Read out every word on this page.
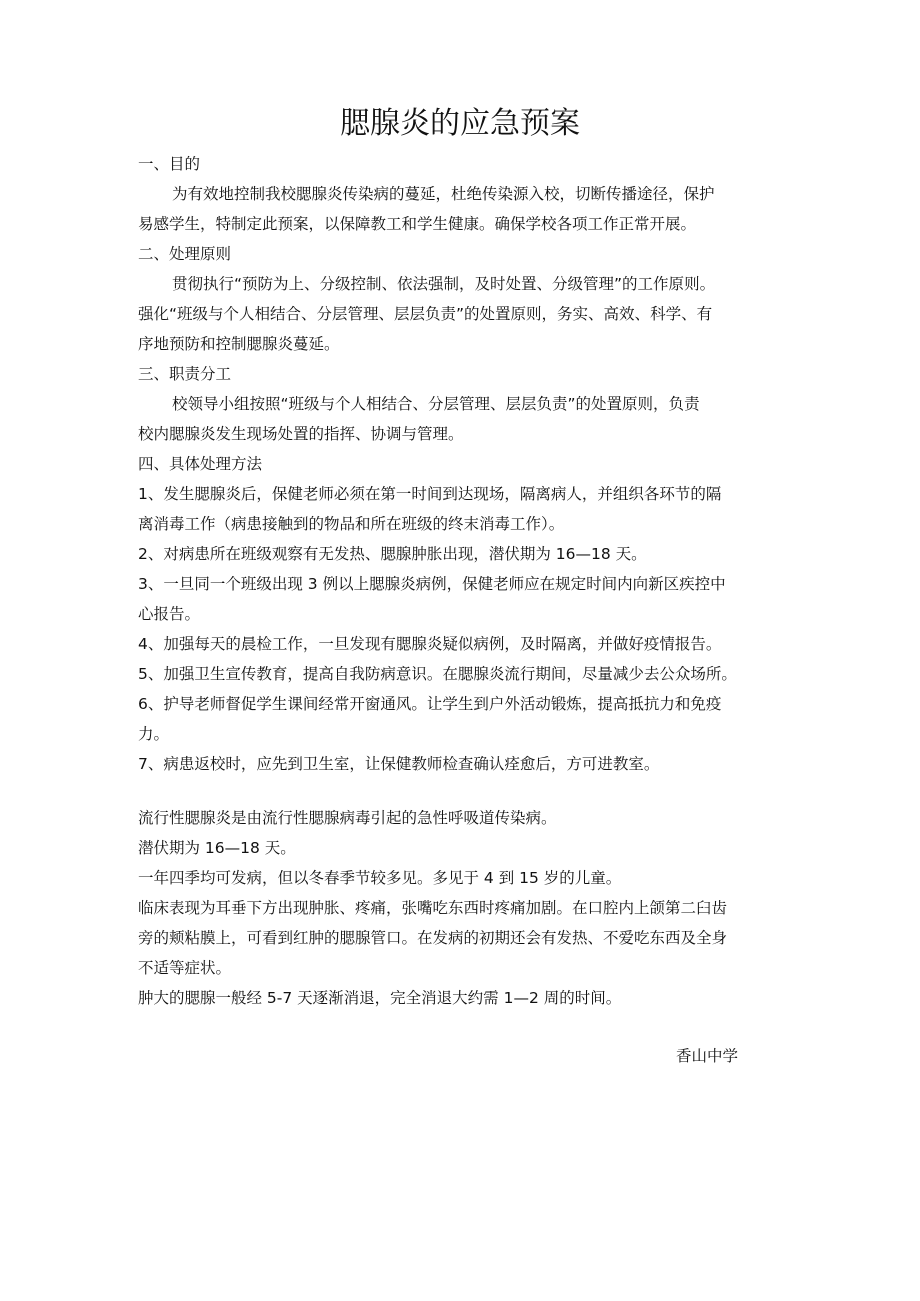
腮腺炎的应急预案
一、目的
为有效地控制我校腮腺炎传染病的蔓延，杜绝传染源入校，切断传播途径，保护
易感学生，特制定此预案，以保障教工和学生健康。确保学校各项工作正常开展。
二、处理原则
贯彻执行“预防为上、分级控制、依法强制，及时处置、分级管理”的工作原则。
强化“班级与个人相结合、分层管理、层层负责”的处置原则，务实、高效、科学、有
序地预防和控制腮腺炎蔓延。
三、职责分工
校领导小组按照“班级与个人相结合、分层管理、层层负责”的处置原则，负责
校内腮腺炎发生现场处置的指挥、协调与管理。
四、具体处理方法
1、发生腮腺炎后，保健老师必须在第一时间到达现场，隔离病人，并组织各环节的隔
离消毒工作（病患接触到的物品和所在班级的终末消毒工作）。
2、对病患所在班级观察有无发热、腮腺肿胀出现，潜伏期为 16—18 天。
3、一旦同一个班级出现 3 例以上腮腺炎病例，保健老师应在规定时间内向新区疾控中
心报告。
4、加强每天的晨检工作，一旦发现有腮腺炎疑似病例，及时隔离，并做好疫情报告。
5、加强卫生宣传教育，提高自我防病意识。在腮腺炎流行期间，尽量减少去公众场所。
6、护导老师督促学生课间经常开窗通风。让学生到户外活动锻炼，提高抵抗力和免疫
力。
7、病患返校时，应先到卫生室，让保健教师检查确认痊愈后，方可进教室。
流行性腮腺炎是由流行性腮腺病毒引起的急性呼吸道传染病。
潜伏期为 16—18 天。
一年四季均可发病，但以冬春季节较多见。多见于 4 到 15 岁的儿童。
临床表现为耳垂下方出现肿胀、疼痛，张嘴吃东西时疼痛加剧。在口腔内上颌第二臼齿
旁的颊粘膜上，可看到红肿的腮腺管口。在发病的初期还会有发热、不爱吃东西及全身
不适等症状。
肿大的腮腺一般经 5-7 天逐渐消退，完全消退大约需 1—2 周的时间。
香山中学
